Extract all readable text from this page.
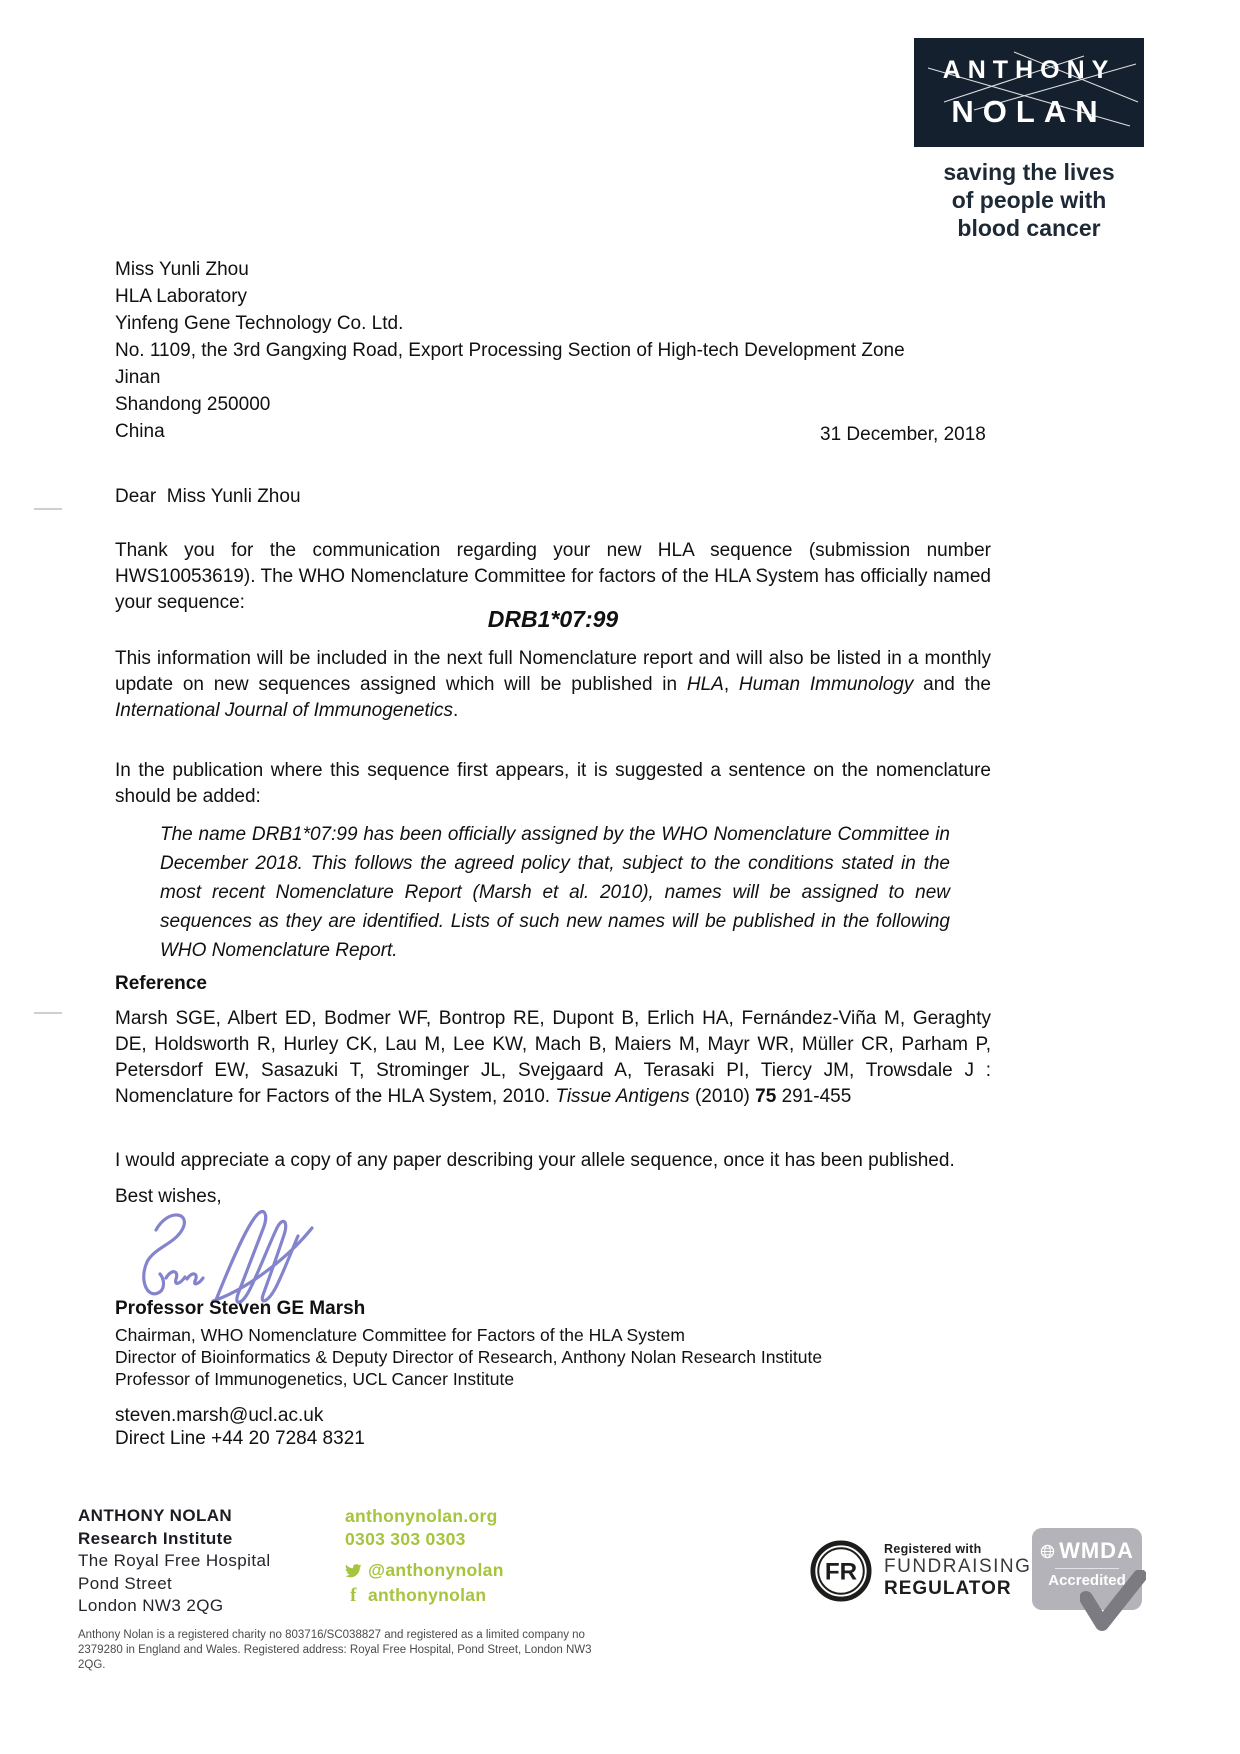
ANTHONY
NOLAN
saving the lives
of people with
blood cancer
Miss Yunli Zhou
HLA Laboratory
Yinfeng Gene Technology Co. Ltd.
No. 1109, the 3rd Gangxing Road, Export Processing Section of High-tech Development Zone
Jinan
Shandong 250000
China	31 December, 2018

Dear  Miss Yunli Zhou

Thank you for the communication regarding your new HLA sequence (submission number HWS10053619). The WHO Nomenclature Committee for factors of the HLA System has officially named your sequence:

DRB1*07:99

This information will be included in the next full Nomenclature report and will also be listed in a monthly update on new sequences assigned which will be published in HLA, Human Immunology and the International Journal of Immunogenetics.

In the publication where this sequence first appears, it is suggested a sentence on the nomenclature should be added:

The name DRB1*07:99 has been officially assigned by the WHO Nomenclature Committee in December 2018. This follows the agreed policy that, subject to the conditions stated in the most recent Nomenclature Report (Marsh et al. 2010), names will be assigned to new sequences as they are identified. Lists of such new names will be published in the following WHO Nomenclature Report.

Reference

Marsh SGE, Albert ED, Bodmer WF, Bontrop RE, Dupont B, Erlich HA, Fernández-Viña M, Geraghty DE, Holdsworth R, Hurley CK, Lau M, Lee KW, Mach B, Maiers M, Mayr WR, Müller CR, Parham P, Petersdorf EW, Sasazuki T, Strominger JL, Svejgaard A, Terasaki PI, Tiercy JM, Trowsdale J : Nomenclature for Factors of the HLA System, 2010. Tissue Antigens (2010) 75 291-455

I would appreciate a copy of any paper describing your allele sequence, once it has been published.

Best wishes,

Professor Steven GE Marsh
Chairman, WHO Nomenclature Committee for Factors of the HLA System
Director of Bioinformatics & Deputy Director of Research, Anthony Nolan Research Institute
Professor of Immunogenetics, UCL Cancer Institute
steven.marsh@ucl.ac.uk
Direct Line +44 20 7284 8321
ANTHONY NOLAN
Research Institute
The Royal Free Hospital
Pond Street
London NW3 2QG
anthonynolan.org
0303 303 0303
@anthonynolan
f anthonynolan
FR
Registered with
FUNDRAISING
REGULATOR
WMDA
Accredited
Anthony Nolan is a registered charity no 803716/SC038827 and registered as a limited company no 2379280 in England and Wales. Registered address: Royal Free Hospital, Pond Street, London NW3 2QG.
